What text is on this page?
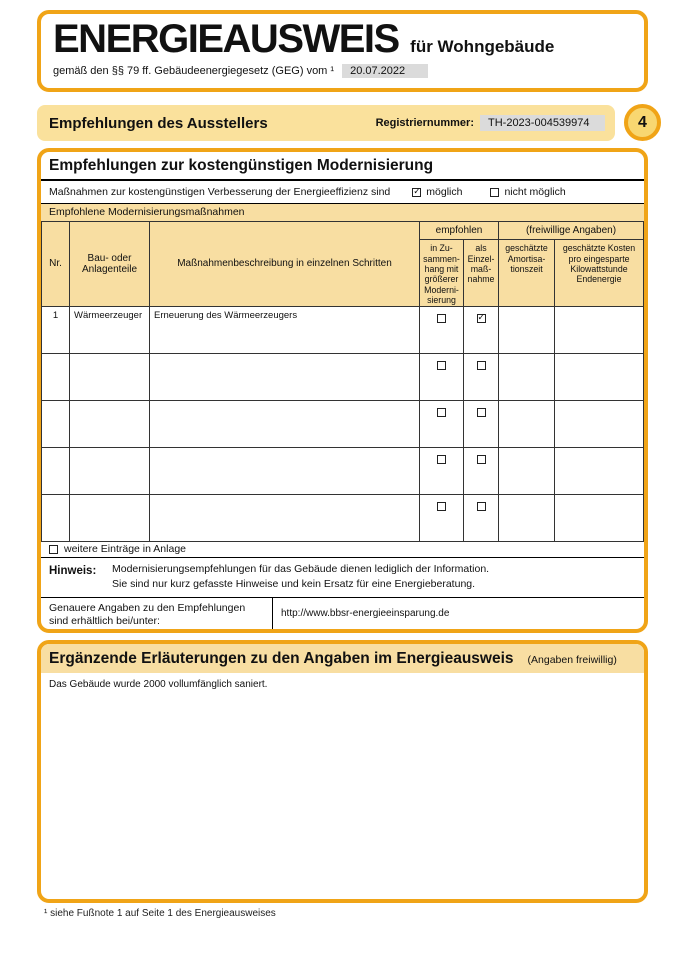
ENERGIEAUSWEIS für Wohngebäude
gemäß den §§ 79 ff. Gebäudeenergiegesetz (GEG) vom ¹	20.07.2022
Empfehlungen des Ausstellers	Registriernummer:	TH-2023-004539974	4
Empfehlungen zur kostengünstigen Modernisierung
Maßnahmen zur kostengünstigen Verbesserung der Energieeffizienz sind ✓	möglich	nicht möglich
Empfohlene Modernisierungsmaßnahmen
Nr.	Bau- oder Anlagenteile	Maßnahmenbeschreibung in einzelnen Schritten	empfohlen		(freiwillige Angaben)	
			in Zu- sammen- hang mit größerer Moderni- sierung	als Einzel- maß- nahme	geschätzte Amortisa- tionszeit	geschätzte Kosten pro eingesparte Kilowattstunde Endenergie
1	Wärmeerzeuger	Erneuerung des Wärmeerzeugers		✓		

weitere Einträge in Anlage
Hinweis:	Modernisierungsempfehlungen für das Gebäude dienen lediglich der Information.
Sie sind nur kurz gefasste Hinweise und kein Ersatz für eine Energieberatung.
Genauere Angaben zu den Empfehlungen sind erhältlich bei/unter:
http://www.bbsr-energieeinsparung.de
Ergänzende Erläuterungen zu den Angaben im Energieausweis (Angaben freiwillig)
Das Gebäude wurde 2000 vollumfänglich saniert.
¹ siehe Fußnote 1 auf Seite 1 des Energieausweises
